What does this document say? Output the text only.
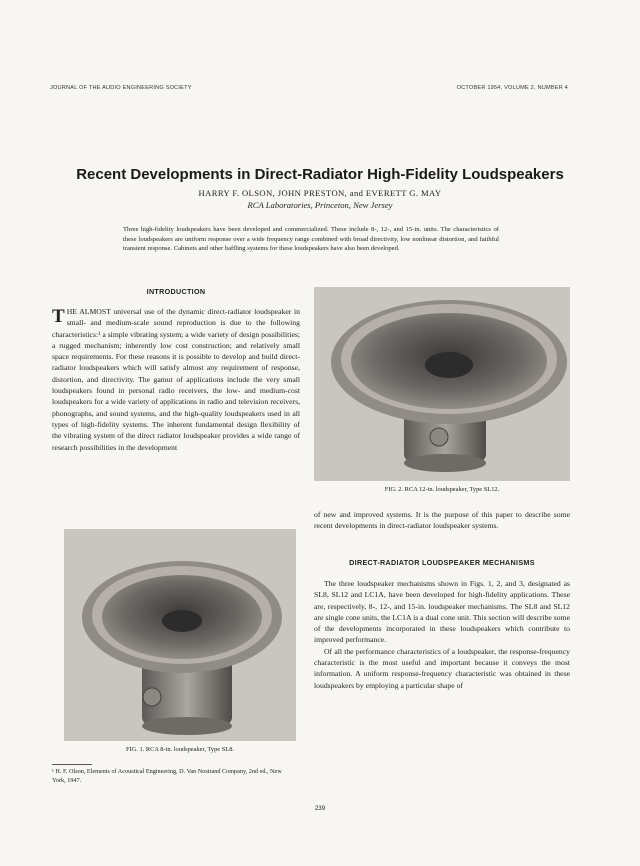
JOURNAL OF THE AUDIO ENGINEERING SOCIETY	OCTOBER 1954, VOLUME 2, NUMBER 4
Recent Developments in Direct-Radiator High-Fidelity Loudspeakers
HARRY F. OLSON, JOHN PRESTON, and EVERETT G. MAY
RCA Laboratories, Princeton, New Jersey
Three high-fidelity loudspeakers have been developed and commercialized. These include 8-, 12-, and 15-in. units. The characteristics of these loudspeakers are uniform response over a wide frequency range combined with broad directivity, low nonlinear distortion, and faithful transient response. Cabinets and other baffling systems for these loudspeakers have also been developed.
INTRODUCTION

THE ALMOST universal use of the dynamic direct-radiator loudspeaker in small- and medium-scale sound reproduction is due to the following characteristics:¹ a simple vibrating system; a wide variety of design possibilities; a rugged mechanism; inherently low cost construction; and relatively small space requirements. For these reasons it is possible to develop and build direct-radiator loudspeakers which will satisfy almost any requirement of response, distortion, and directivity. The gamut of applications include the very small loudspeakers found in personal radio receivers, the low- and medium-cost loudspeakers for a wide variety of applications in radio and television receivers, phonographs, and sound systems, and the high-quality loudspeakers used in all types of high-fidelity systems. The inherent fundamental design flexibility of the vibrating system of the direct radiator loudspeaker provides a wide range of research possibilities in the development

FIG. 2. RCA 12-in. loudspeaker, Type SL12.

of new and improved systems. It is the purpose of this paper to describe some recent developments in direct-radiator loudspeaker systems.

DIRECT-RADIATOR LOUDSPEAKER MECHANISMS

The three loudspeaker mechanisms shown in Figs. 1, 2, and 3, designated as SL8, SL12 and LC1A, have been developed for high-fidelity applications. These are, respectively, 8-, 12-, and 15-in. loudspeaker mechanisms. The SL8 and SL12 are single cone units, the LC1A is a dual cone unit. This section will describe some of the developments incorporated in these loudspeakers which contribute to improved performance.

Of all the performance characteristics of a loudspeaker, the response-frequency characteristic is the most useful and important because it conveys the most information. A uniform response-frequency characteristic was obtained in these loudspeakers by employing a particular shape of

FIG. 1. RCA 8-in. loudspeaker, Type SL8.
¹ H. F. Olson, Elements of Acoustical Engineering, D. Van Nostrand Company, 2nd ed., New York, 1947.
239
